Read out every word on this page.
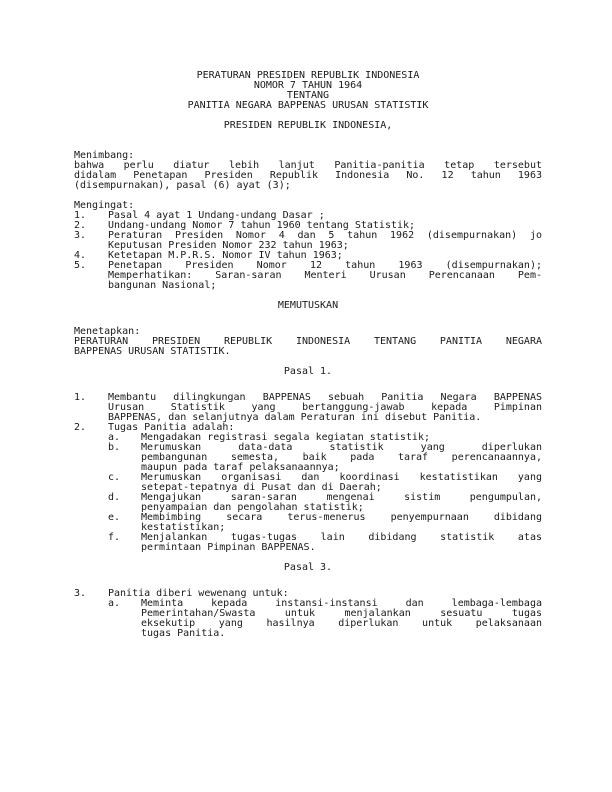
PERATURAN PRESIDEN REPUBLIK INDONESIA
NOMOR 7 TAHUN 1964
TENTANG
PANITIA NEGARA BAPPENAS URUSAN STATISTIK
PRESIDEN REPUBLIK INDONESIA,
Menimbang:
bahwa perlu diatur lebih lanjut Panitia-panitia tetap tersebut
didalam Penetapan Presiden Republik Indonesia No. 12 tahun 1963
(disempurnakan), pasal (6) ayat (3);
Mengingat:
1.	Pasal 4 ayat 1 Undang-undang Dasar ;
2.	Undang-undang Nomor 7 tahun 1960 tentang Statistik;
3.	Peraturan Presiden Nomor 4 dan 5 tahun 1962 (disempurnakan) jo
Keputusan Presiden Nomor 232 tahun 1963;
4.	Ketetapan M.P.R.S. Nomor IV tahun 1963;
5.	Penetapan Presiden Nomor 12 tahun 1963 (disempurnakan);
Memperhatikan: Saran-saran Menteri Urusan Perencanaan Pem-
bangunan Nasional;
MEMUTUSKAN
Menetapkan:
PERATURAN PRESIDEN REPUBLIK INDONESIA TENTANG PANITIA NEGARA
BAPPENAS URUSAN STATISTIK.
Pasal 1.
1.	Membantu dilingkungan BAPPENAS sebuah Panitia Negara BAPPENAS
Urusan Statistik yang bertanggung-jawab kepada Pimpinan
BAPPENAS, dan selanjutnya dalam Peraturan ini disebut Panitia.
2.	Tugas Panitia adalah:
a.	Mengadakan registrasi segala kegiatan statistik;
b.	Merumuskan data-data statistik yang diperlukan
pembangunan semesta, baik pada taraf perencanaannya,
maupun pada taraf pelaksanaannya;
c.	Merumuskan organisasi dan koordinasi kestatistikan yang
setepat-tepatnya di Pusat dan di Daerah;
d.	Mengajukan saran-saran mengenai sistim pengumpulan,
penyampaian dan pengolahan statistik;
e.	Membimbing secara terus-menerus penyempurnaan dibidang
kestatistikan;
f.	Menjalankan tugas-tugas lain dibidang statistik atas
permintaan Pimpinan BAPPENAS.
Pasal 3.
3.	Panitia diberi wewenang untuk:
a.	Meminta kepada instansi-instansi dan lembaga-lembaga
Pemerintahan/Swasta untuk menjalankan sesuatu tugas
eksekutip yang hasilnya diperlukan untuk pelaksanaan
tugas Panitia.
